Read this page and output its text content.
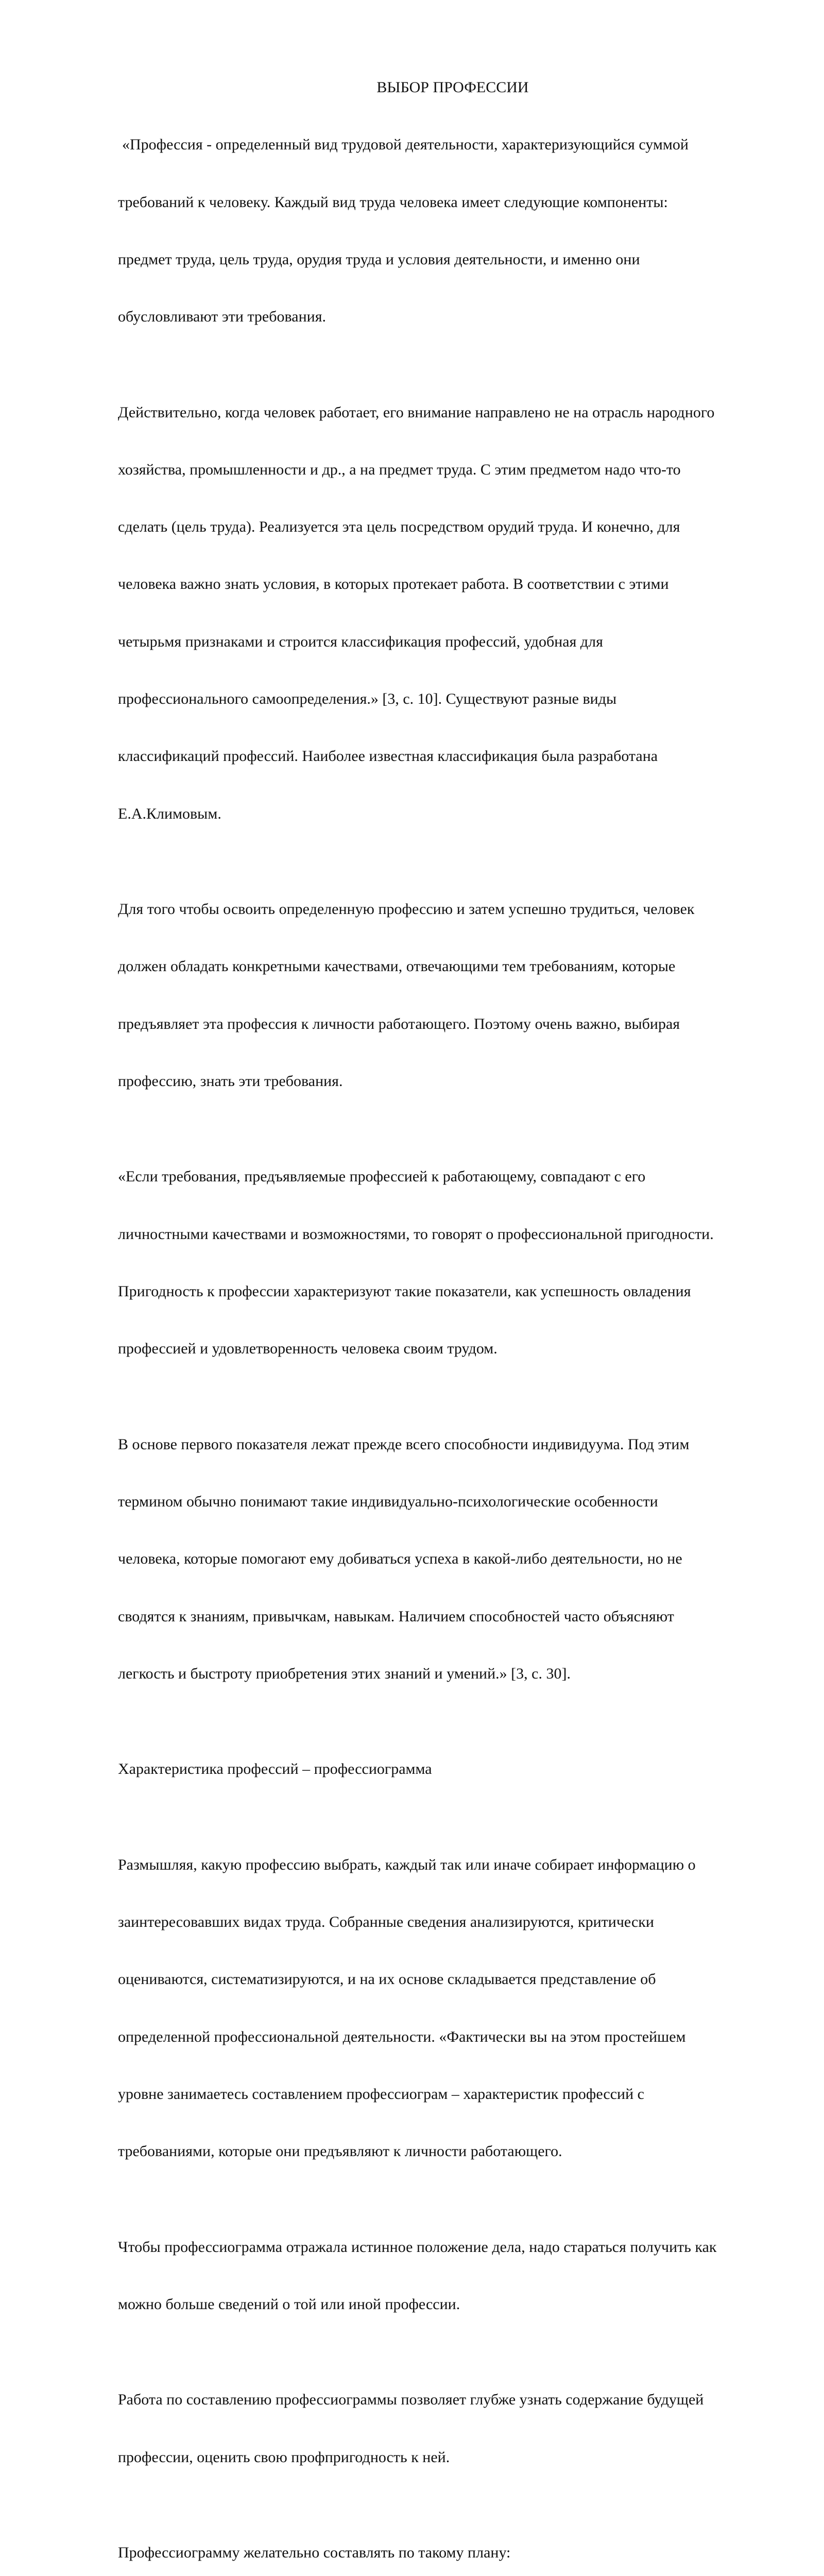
ВЫБОР ПРОФЕССИИ

«Профессия - определенный вид трудовой деятельности, характеризующийся суммой

требований к человеку. Каждый вид труда человека имеет следующие компоненты:

предмет труда, цель труда, орудия труда и условия деятельности, и именно они

обусловливают эти требования.

Действительно, когда человек работает, его внимание направлено не на отрасль народного

хозяйства, промышленности и др., а на предмет труда. С этим предметом надо что-то

сделать (цель труда). Реализуется эта цель посредством орудий труда. И конечно, для

человека важно знать условия, в которых протекает работа. В соответствии с этими

четырьмя признаками и строится классификация профессий, удобная для

профессионального самоопределения.» [3, с. 10]. Существуют разные виды

классификаций профессий. Наиболее известная классификация была разработана

Е.А.Климовым.

Для того чтобы освоить определенную профессию и затем успешно трудиться, человек

должен обладать конкретными качествами, отвечающими тем требованиям, которые

предъявляет эта профессия к личности работающего. Поэтому очень важно, выбирая

профессию, знать эти требования.

«Если требования, предъявляемые профессией к работающему, совпадают с его

личностными качествами и возможностями, то говорят о профессиональной пригодности.

Пригодность к профессии характеризуют такие показатели, как успешность овладения

профессией и удовлетворенность человека своим трудом.

В основе первого показателя лежат прежде всего способности индивидуума. Под этим

термином обычно понимают такие индивидуально-психологические особенности

человека, которые помогают ему добиваться успеха в какой-либо деятельности, но не

сводятся к знаниям, привычкам, навыкам. Наличием способностей часто объясняют

легкость и быстроту приобретения этих знаний и умений.» [3, с. 30].

Характеристика профессий – профессиограмма

Размышляя, какую профессию выбрать, каждый так или иначе собирает информацию о

заинтересовавших видах труда. Собранные сведения анализируются, критически

оцениваются, систематизируются, и на их основе складывается представление об

определенной профессиональной деятельности. «Фактически вы на этом простейшем

уровне занимаетесь составлением профессиограм – характеристик профессий с

требованиями, которые они предъявляют к личности работающего.

Чтобы профессиограмма отражала истинное положение дела, надо стараться получить как

можно больше сведений о той или иной профессии.

Работа по составлению профессиограммы позволяет глубже узнать содержание будущей

профессии, оценить свою профпригодность к ней.

Профессиограмму желательно составлять по такому плану:
